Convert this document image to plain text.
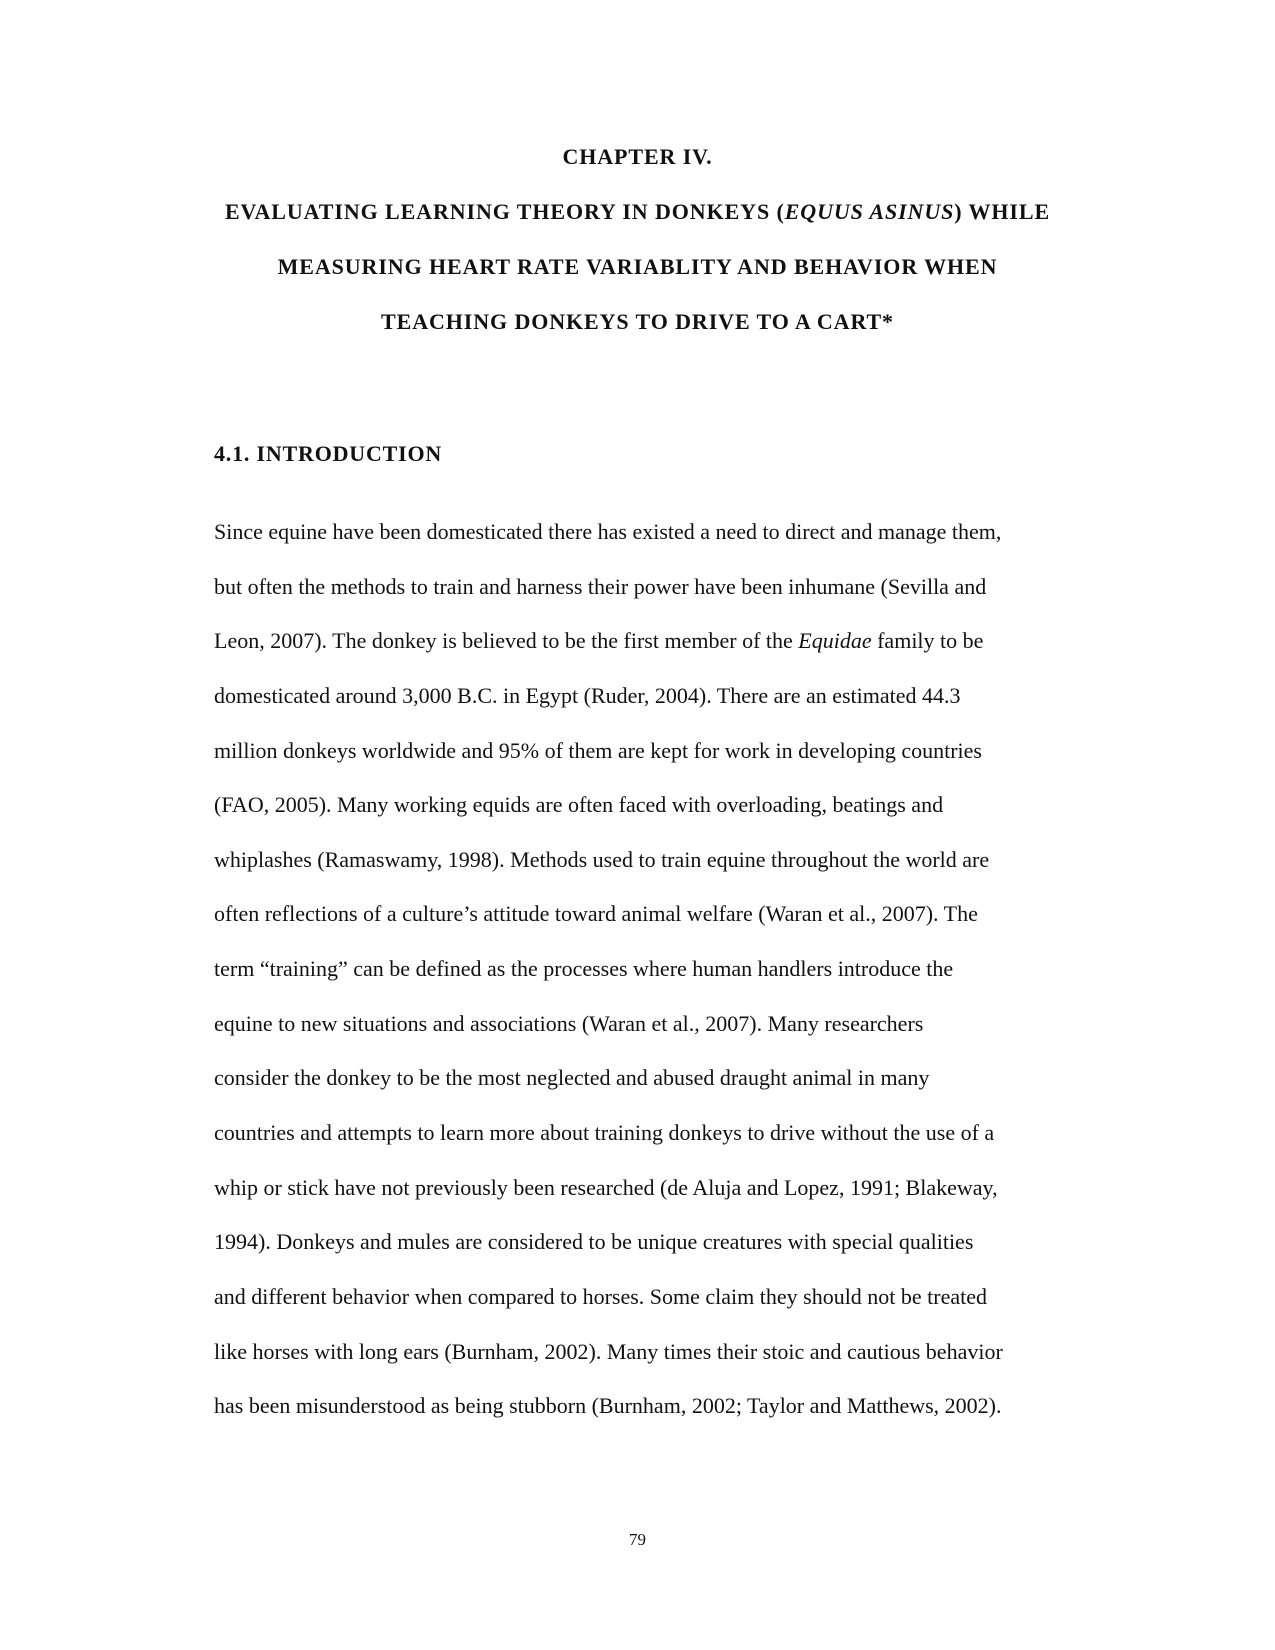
CHAPTER IV.
EVALUATING LEARNING THEORY IN DONKEYS (EQUUS ASINUS) WHILE
MEASURING HEART RATE VARIABLITY AND BEHAVIOR WHEN
TEACHING DONKEYS TO DRIVE TO A CART*
4.1. INTRODUCTION
Since equine have been domesticated there has existed a need to direct and manage them,
but often the methods to train and harness their power have been inhumane (Sevilla and
Leon, 2007). The donkey is believed to be the first member of the Equidae family to be
domesticated around 3,000 B.C. in Egypt (Ruder, 2004). There are an estimated 44.3
million donkeys worldwide and 95% of them are kept for work in developing countries
(FAO, 2005). Many working equids are often faced with overloading, beatings and
whiplashes (Ramaswamy, 1998). Methods used to train equine throughout the world are
often reflections of a culture’s attitude toward animal welfare (Waran et al., 2007). The
term “training” can be defined as the processes where human handlers introduce the
equine to new situations and associations (Waran et al., 2007). Many researchers
consider the donkey to be the most neglected and abused draught animal in many
countries and attempts to learn more about training donkeys to drive without the use of a
whip or stick have not previously been researched (de Aluja and Lopez, 1991; Blakeway,
1994). Donkeys and mules are considered to be unique creatures with special qualities
and different behavior when compared to horses. Some claim they should not be treated
like horses with long ears (Burnham, 2002). Many times their stoic and cautious behavior
has been misunderstood as being stubborn (Burnham, 2002; Taylor and Matthews, 2002).
79
